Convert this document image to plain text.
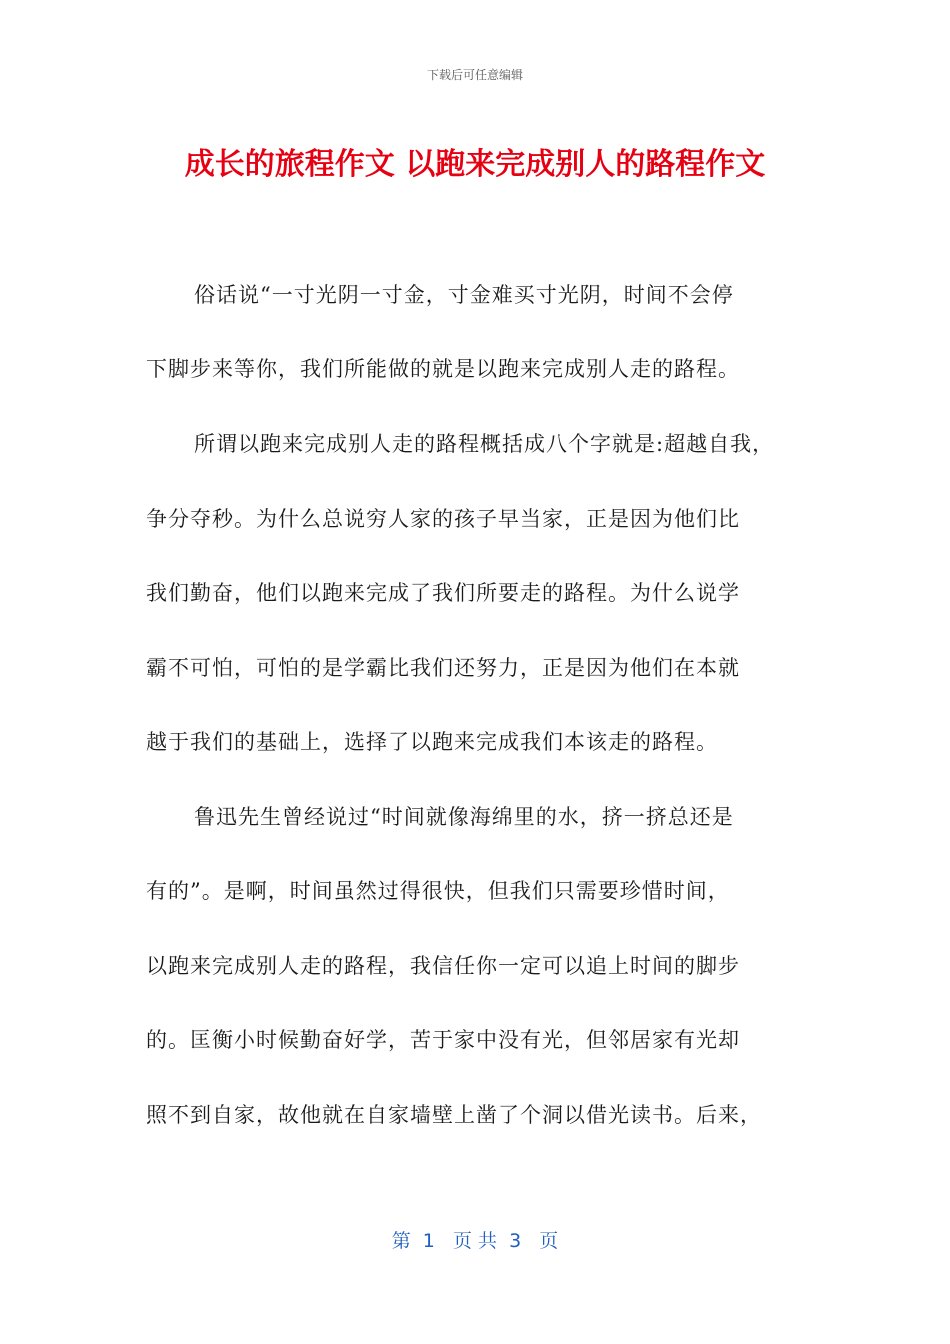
下载后可任意编辑
成长的旅程作文 以跑来完成别人的路程作文
俗话说“一寸光阴一寸金，寸金难买寸光阴，时间不会停
下脚步来等你，我们所能做的就是以跑来完成别人走的路程。
所谓以跑来完成别人走的路程概括成八个字就是:超越自我，
争分夺秒。为什么总说穷人家的孩子早当家，正是因为他们比
我们勤奋，他们以跑来完成了我们所要走的路程。为什么说学
霸不可怕，可怕的是学霸比我们还努力，正是因为他们在本就
越于我们的基础上，选择了以跑来完成我们本该走的路程。
鲁迅先生曾经说过“时间就像海绵里的水，挤一挤总还是
有的”。是啊，时间虽然过得很快，但我们只需要珍惜时间，
以跑来完成别人走的路程，我信任你一定可以追上时间的脚步
的。匡衡小时候勤奋好学，苦于家中没有光，但邻居家有光却
照不到自家，故他就在自家墙壁上凿了个洞以借光读书。后来，
第  1   页 共  3   页
